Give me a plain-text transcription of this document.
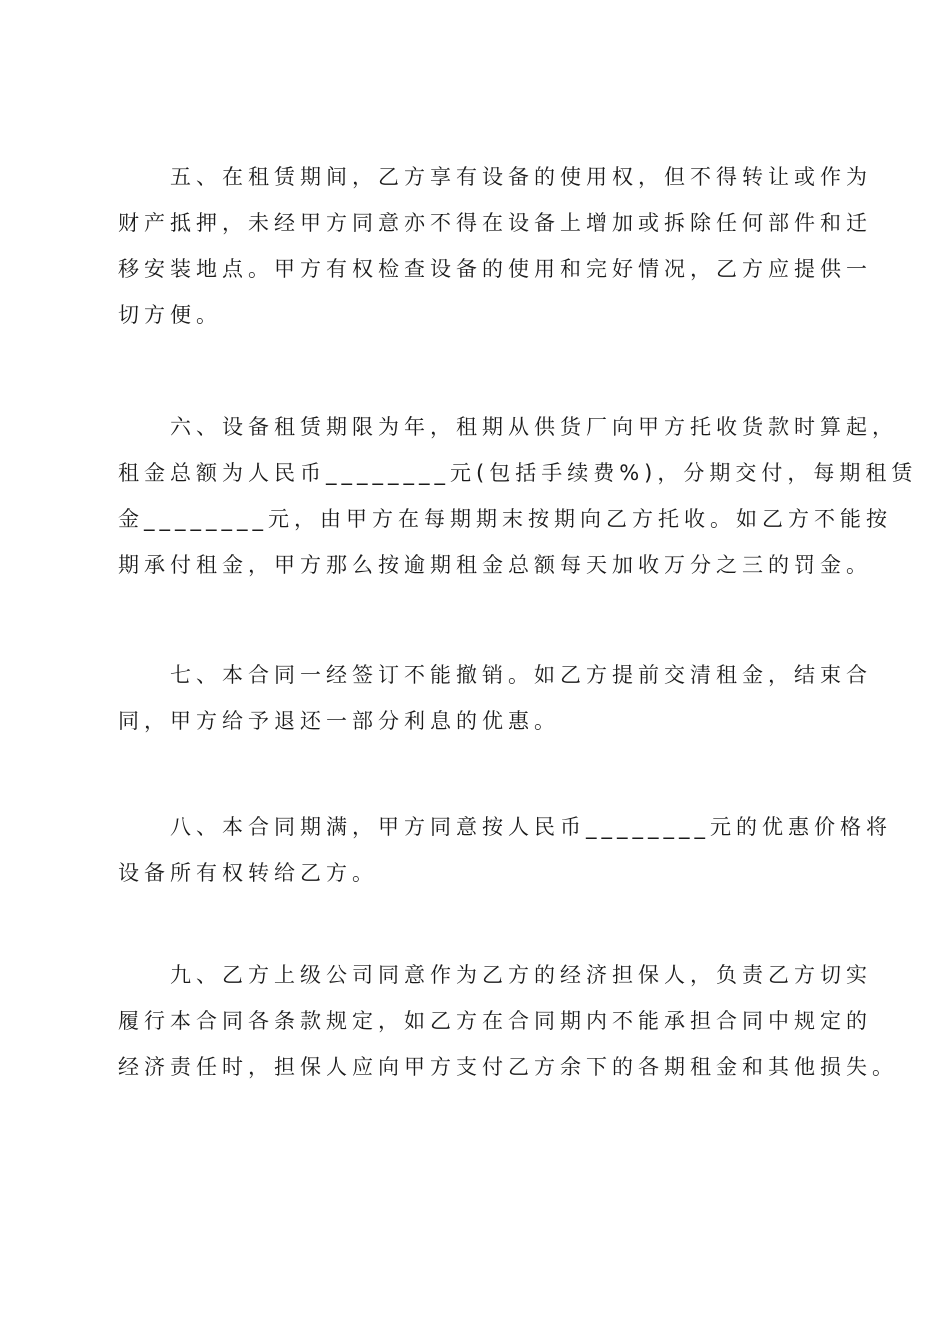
五、在租赁期间，乙方享有设备的使用权，但不得转让或作为
财产抵押，未经甲方同意亦不得在设备上增加或拆除任何部件和迁
移安装地点。甲方有权检查设备的使用和完好情况，乙方应提供一
切方便。

六、设备租赁期限为年，租期从供货厂向甲方托收货款时算起，
租金总额为人民币________元(包括手续费%)，分期交付，每期租赁
金________元，由甲方在每期期末按期向乙方托收。如乙方不能按
期承付租金，甲方那么按逾期租金总额每天加收万分之三的罚金。

七、本合同一经签订不能撤销。如乙方提前交清租金，结束合
同，甲方给予退还一部分利息的优惠。

八、本合同期满，甲方同意按人民币________元的优惠价格将
设备所有权转给乙方。

九、乙方上级公司同意作为乙方的经济担保人，负责乙方切实
履行本合同各条款规定，如乙方在合同期内不能承担合同中规定的
经济责任时，担保人应向甲方支付乙方余下的各期租金和其他损失。
